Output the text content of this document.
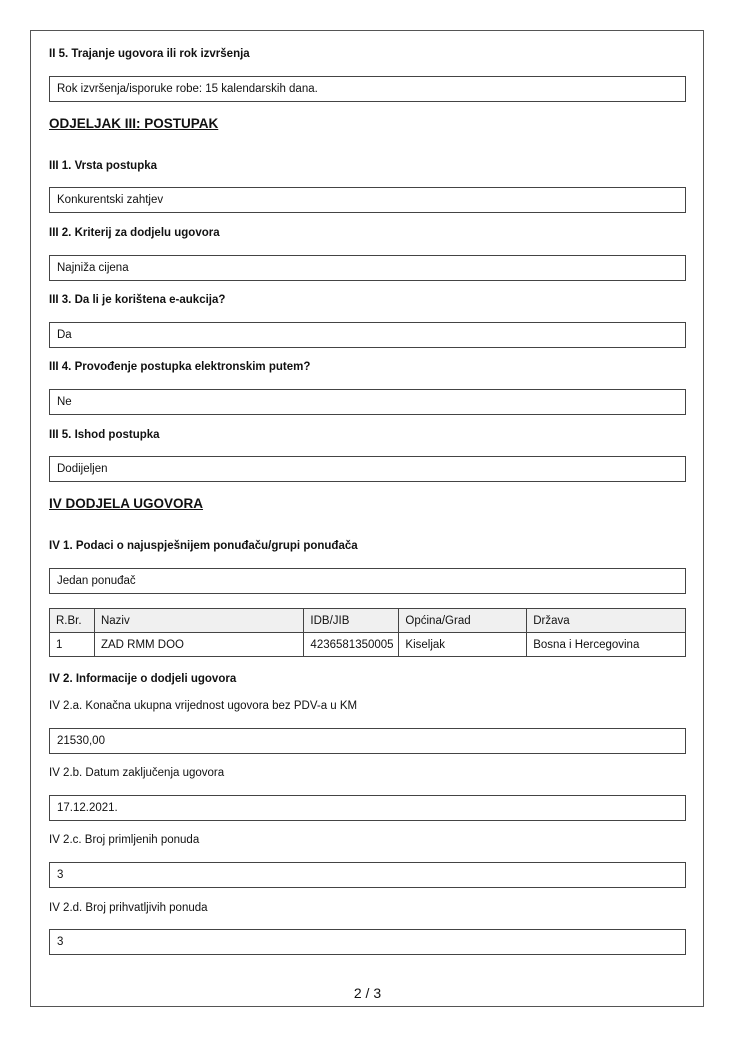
II 5. Trajanje ugovora ili rok izvršenja
Rok izvršenja/isporuke robe: 15 kalendarskih dana.
ODJELJAK III: POSTUPAK
III 1. Vrsta postupka
Konkurentski zahtjev
III 2. Kriterij za dodjelu ugovora
Najniža cijena
III 3. Da li je korištena e-aukcija?
Da
III 4. Provođenje postupka elektronskim putem?
Ne
III 5. Ishod postupka
Dodijeljen
IV DODJELA UGOVORA
IV 1. Podaci o najuspješnijem ponuđaču/grupi ponuđača
Jedan ponuđač
R.Br.	Naziv	IDB/JIB	Općina/Grad	Država
1	ZAD RMM DOO	4236581350005	Kiseljak	Bosna i Hercegovina
IV 2. Informacije o dodjeli ugovora
IV 2.a. Konačna ukupna vrijednost ugovora bez PDV-a u KM
21530,00
IV 2.b. Datum zaključenja ugovora
17.12.2021.
IV 2.c. Broj primljenih ponuda
3
IV 2.d. Broj prihvatljivih ponuda
3
2 / 3
